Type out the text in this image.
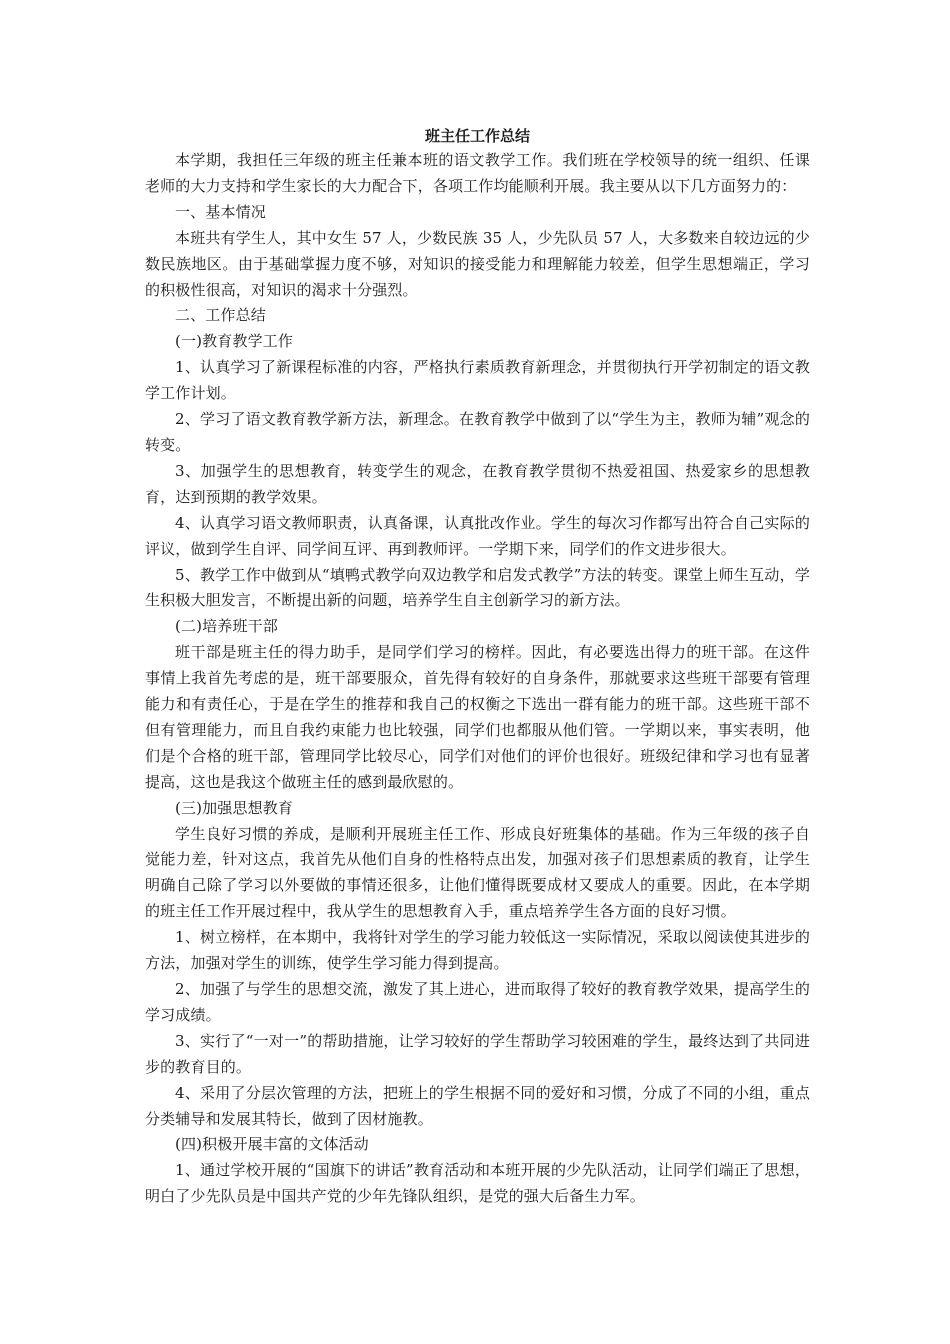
班主任工作总结

本学期，我担任三年级的班主任兼本班的语文教学工作。我们班在学校领导的统一组织、任课老师的大力支持和学生家长的大力配合下，各项工作均能顺利开展。我主要从以下几方面努力的：

一、基本情况

本班共有学生人，其中女生 57 人，少数民族 35 人，少先队员 57 人，大多数来自较边远的少数民族地区。由于基础掌握力度不够，对知识的接受能力和理解能力较差，但学生思想端正，学习的积极性很高，对知识的渴求十分强烈。

二、工作总结

(一)教育教学工作

1、认真学习了新课程标准的内容，严格执行素质教育新理念，并贯彻执行开学初制定的语文教学工作计划。

2、学习了语文教育教学新方法，新理念。在教育教学中做到了以“学生为主，教师为辅”观念的转变。

3、加强学生的思想教育，转变学生的观念，在教育教学贯彻不热爱祖国、热爱家乡的思想教育，达到预期的教学效果。

4、认真学习语文教师职责，认真备课，认真批改作业。学生的每次习作都写出符合自己实际的评议，做到学生自评、同学间互评、再到教师评。一学期下来，同学们的作文进步很大。

5、教学工作中做到从“填鸭式教学向双边教学和启发式教学”方法的转变。课堂上师生互动，学生积极大胆发言，不断提出新的问题，培养学生自主创新学习的新方法。

(二)培养班干部

班干部是班主任的得力助手，是同学们学习的榜样。因此，有必要选出得力的班干部。在这件事情上我首先考虑的是，班干部要服众，首先得有较好的自身条件，那就要求这些班干部要有管理能力和有责任心，于是在学生的推荐和我自己的权衡之下选出一群有能力的班干部。这些班干部不但有管理能力，而且自我约束能力也比较强，同学们也都服从他们管。一学期以来，事实表明，他们是个合格的班干部，管理同学比较尽心，同学们对他们的评价也很好。班级纪律和学习也有显著提高，这也是我这个做班主任的感到最欣慰的。

(三)加强思想教育

学生良好习惯的养成，是顺利开展班主任工作、形成良好班集体的基础。作为三年级的孩子自觉能力差，针对这点，我首先从他们自身的性格特点出发，加强对孩子们思想素质的教育，让学生明确自己除了学习以外要做的事情还很多，让他们懂得既要成材又要成人的重要。因此，在本学期的班主任工作开展过程中，我从学生的思想教育入手，重点培养学生各方面的良好习惯。

1、树立榜样，在本期中，我将针对学生的学习能力较低这一实际情况，采取以阅读使其进步的方法，加强对学生的训练，使学生学习能力得到提高。

2、加强了与学生的思想交流，激发了其上进心，进而取得了较好的教育教学效果，提高学生的学习成绩。

3、实行了“一对一”的帮助措施，让学习较好的学生帮助学习较困难的学生，最终达到了共同进步的教育目的。

4、采用了分层次管理的方法，把班上的学生根据不同的爱好和习惯，分成了不同的小组，重点分类辅导和发展其特长，做到了因材施教。

(四)积极开展丰富的文体活动

1、通过学校开展的“国旗下的讲话”教育活动和本班开展的少先队活动，让同学们端正了思想，明白了少先队员是中国共产党的少年先锋队组织，是党的强大后备生力军。
